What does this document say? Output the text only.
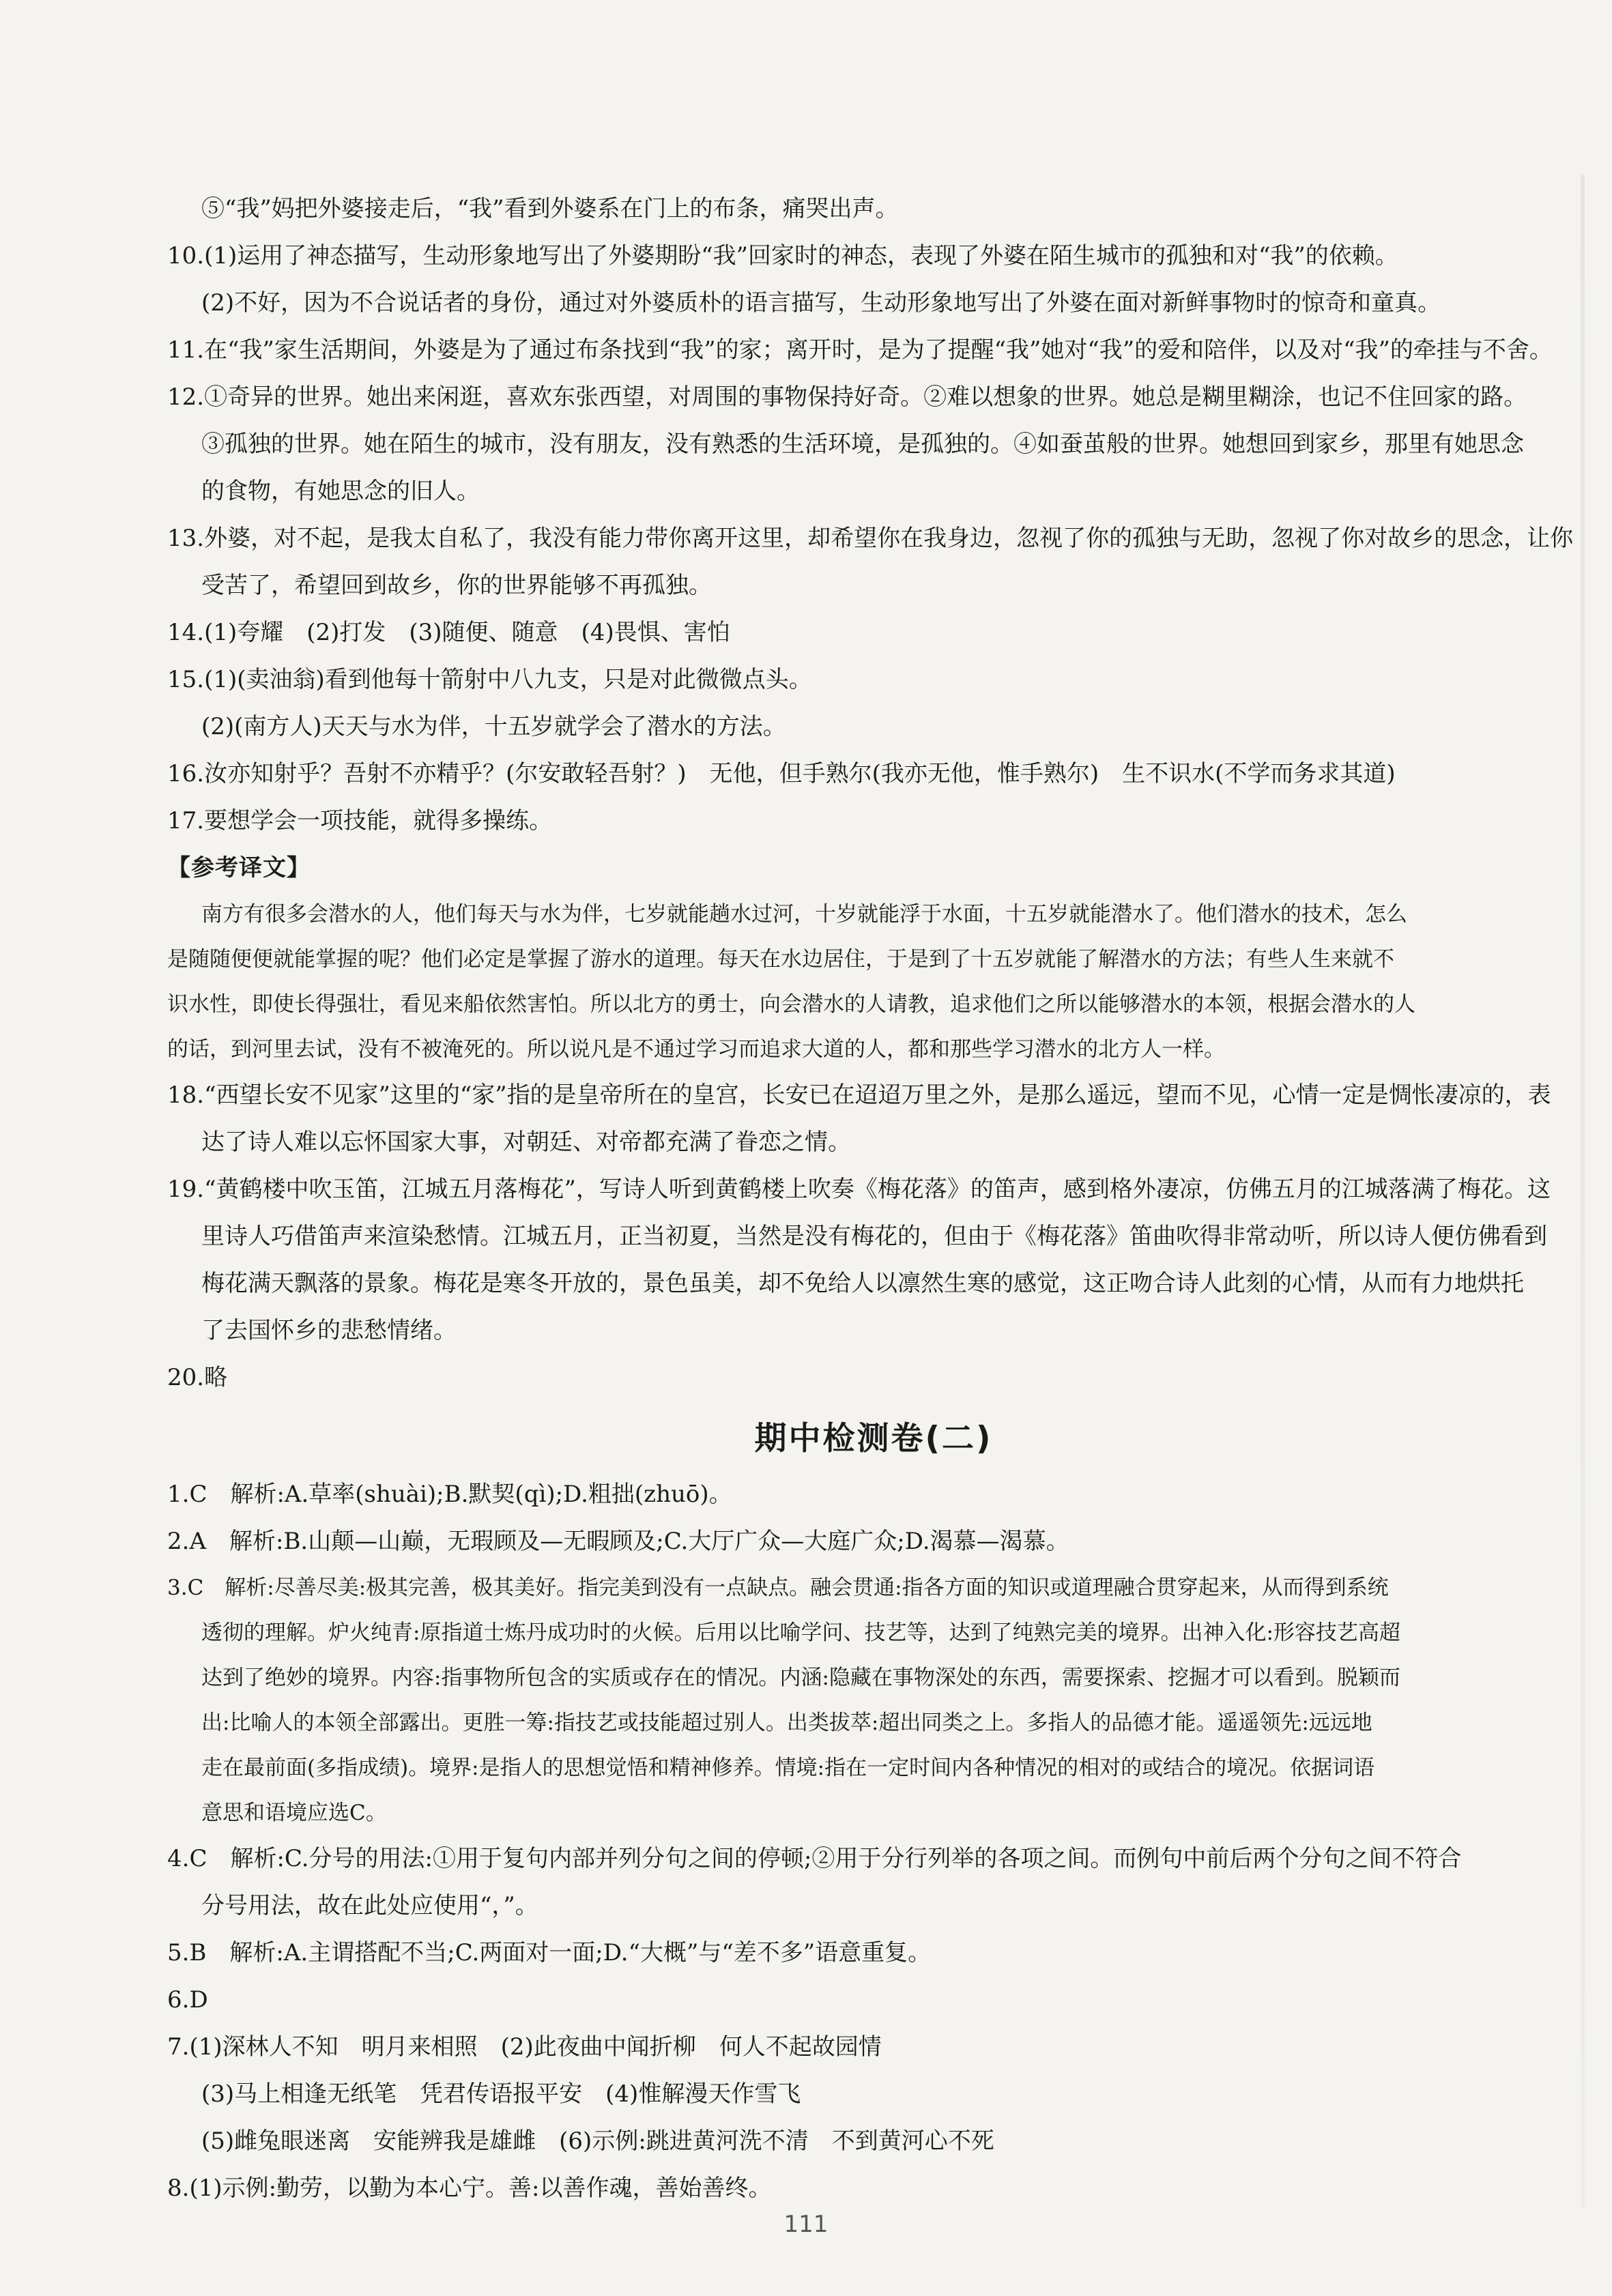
⑤“我”妈把外婆接走后，“我”看到外婆系在门上的布条，痛哭出声。

10.(1)运用了神态描写，生动形象地写出了外婆期盼“我”回家时的神态，表现了外婆在陌生城市的孤独和对“我”的依赖。

(2)不好，因为不合说话者的身份，通过对外婆质朴的语言描写，生动形象地写出了外婆在面对新鲜事物时的惊奇和童真。

11.在“我”家生活期间，外婆是为了通过布条找到“我”的家；离开时，是为了提醒“我”她对“我”的爱和陪伴，以及对“我”的牵挂与不舍。

12.①奇异的世界。她出来闲逛，喜欢东张西望，对周围的事物保持好奇。②难以想象的世界。她总是糊里糊涂，也记不住回家的路。

③孤独的世界。她在陌生的城市，没有朋友，没有熟悉的生活环境，是孤独的。④如蚕茧般的世界。她想回到家乡，那里有她思念

的食物，有她思念的旧人。

13.外婆，对不起，是我太自私了，我没有能力带你离开这里，却希望你在我身边，忽视了你的孤独与无助，忽视了你对故乡的思念，让你

受苦了，希望回到故乡，你的世界能够不再孤独。

14.(1)夸耀　(2)打发　(3)随便、随意　(4)畏惧、害怕

15.(1)(卖油翁)看到他每十箭射中八九支，只是对此微微点头。

(2)(南方人)天天与水为伴，十五岁就学会了潜水的方法。

16.汝亦知射乎？吾射不亦精乎？(尔安敢轻吾射？)　无他，但手熟尔(我亦无他，惟手熟尔)　生不识水(不学而务求其道)

17.要想学会一项技能，就得多操练。

【参考译文】

南方有很多会潜水的人，他们每天与水为伴，七岁就能趟水过河，十岁就能浮于水面，十五岁就能潜水了。他们潜水的技术，怎么

是随随便便就能掌握的呢？他们必定是掌握了游水的道理。每天在水边居住，于是到了十五岁就能了解潜水的方法；有些人生来就不

识水性，即使长得强壮，看见来船依然害怕。所以北方的勇士，向会潜水的人请教，追求他们之所以能够潜水的本领，根据会潜水的人

的话，到河里去试，没有不被淹死的。所以说凡是不通过学习而追求大道的人，都和那些学习潜水的北方人一样。

18.“西望长安不见家”这里的“家”指的是皇帝所在的皇宫，长安已在迢迢万里之外，是那么遥远，望而不见，心情一定是惆怅凄凉的，表

达了诗人难以忘怀国家大事，对朝廷、对帝都充满了眷恋之情。

19.“黄鹤楼中吹玉笛，江城五月落梅花”，写诗人听到黄鹤楼上吹奏《梅花落》的笛声，感到格外凄凉，仿佛五月的江城落满了梅花。这

里诗人巧借笛声来渲染愁情。江城五月，正当初夏，当然是没有梅花的，但由于《梅花落》笛曲吹得非常动听，所以诗人便仿佛看到

梅花满天飘落的景象。梅花是寒冬开放的，景色虽美，却不免给人以凛然生寒的感觉，这正吻合诗人此刻的心情，从而有力地烘托

了去国怀乡的悲愁情绪。

20.略

期中检测卷(二)

1.C　解析:A.草率(shuài);B.默契(qì);D.粗拙(zhuō)。

2.A　解析:B.山颠—山巅，无瑕顾及—无暇顾及;C.大厅广众—大庭广众;D.渴慕—渴慕。

3.C　解析:尽善尽美:极其完善，极其美好。指完美到没有一点缺点。融会贯通:指各方面的知识或道理融合贯穿起来，从而得到系统

透彻的理解。炉火纯青:原指道士炼丹成功时的火候。后用以比喻学问、技艺等，达到了纯熟完美的境界。出神入化:形容技艺高超

达到了绝妙的境界。内容:指事物所包含的实质或存在的情况。内涵:隐藏在事物深处的东西，需要探索、挖掘才可以看到。脱颖而

出:比喻人的本领全部露出。更胜一筹:指技艺或技能超过别人。出类拔萃:超出同类之上。多指人的品德才能。遥遥领先:远远地

走在最前面(多指成绩)。境界:是指人的思想觉悟和精神修养。情境:指在一定时间内各种情况的相对的或结合的境况。依据词语

意思和语境应选C。

4.C　解析:C.分号的用法:①用于复句内部并列分句之间的停顿;②用于分行列举的各项之间。而例句中前后两个分句之间不符合

分号用法，故在此处应使用“，”。

5.B　解析:A.主谓搭配不当;C.两面对一面;D.“大概”与“差不多”语意重复。

6.D

7.(1)深林人不知　明月来相照　(2)此夜曲中闻折柳　何人不起故园情

(3)马上相逢无纸笔　凭君传语报平安　(4)惟解漫天作雪飞

(5)雌兔眼迷离　安能辨我是雄雌　(6)示例:跳进黄河洗不清　不到黄河心不死

8.(1)示例:勤劳，以勤为本心宁。善:以善作魂，善始善终。

111
